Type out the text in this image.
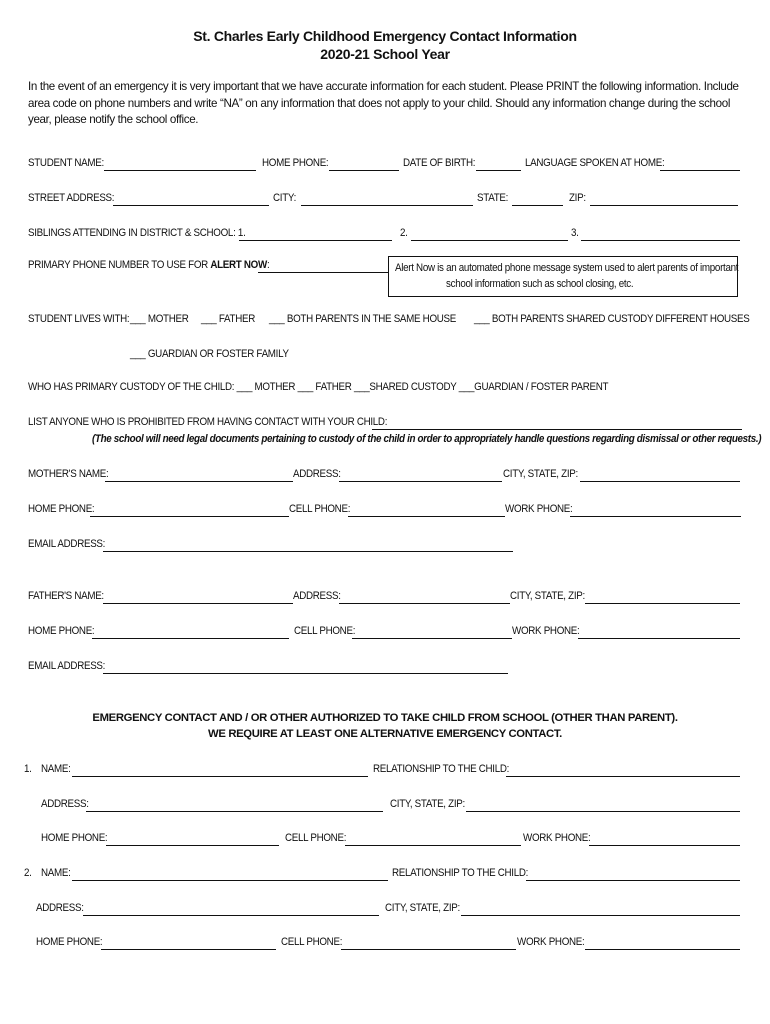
St. Charles Early Childhood Emergency Contact Information
2020-21 School Year
In the event of an emergency it is very important that we have accurate information for each student. Please PRINT the following information. Include area code on phone numbers and write “NA” on any information that does not apply to your child. Should any information change during the school year, please notify the school office.
STUDENT NAME:	HOME PHONE:	DATE OF BIRTH:	LANGUAGE SPOKEN AT HOME:
STREET ADDRESS:	CITY:	STATE:	ZIP:
SIBLINGS ATTENDING IN DISTRICT & SCHOOL: 1.	2.	3.
PRIMARY PHONE NUMBER TO USE FOR ALERT NOW:	Alert Now is an automated phone message system used to alert parents of important
school information such as school closing, etc.
STUDENT LIVES WITH: ___ MOTHER ___ FATHER ___ BOTH PARENTS IN THE SAME HOUSE ___ BOTH PARENTS SHARED CUSTODY DIFFERENT HOUSES
___ GUARDIAN OR FOSTER FAMILY
WHO HAS PRIMARY CUSTODY OF THE CHILD: ___ MOTHER ___ FATHER ___SHARED CUSTODY ___GUARDIAN / FOSTER PARENT
LIST ANYONE WHO IS PROHIBITED FROM HAVING CONTACT WITH YOUR CHILD:
(The school will need legal documents pertaining to custody of the child in order to appropriately handle questions regarding dismissal or other requests.)
MOTHER'S NAME:	ADDRESS:	CITY, STATE, ZIP:
HOME PHONE:	CELL PHONE:	WORK PHONE:
EMAIL ADDRESS:
FATHER'S NAME:	ADDRESS:	CITY, STATE, ZIP:
HOME PHONE:	CELL PHONE:	WORK PHONE:
EMAIL ADDRESS:
EMERGENCY CONTACT AND / OR OTHER AUTHORIZED TO TAKE CHILD FROM SCHOOL (OTHER THAN PARENT).
WE REQUIRE AT LEAST ONE ALTERNATIVE EMERGENCY CONTACT.
1. NAME:	RELATIONSHIP TO THE CHILD:
ADDRESS:	CITY, STATE, ZIP:
HOME PHONE:	CELL PHONE:	WORK PHONE:
2. NAME:	RELATIONSHIP TO THE CHILD:
ADDRESS:	CITY, STATE, ZIP:
HOME PHONE:	CELL PHONE:	WORK PHONE:
